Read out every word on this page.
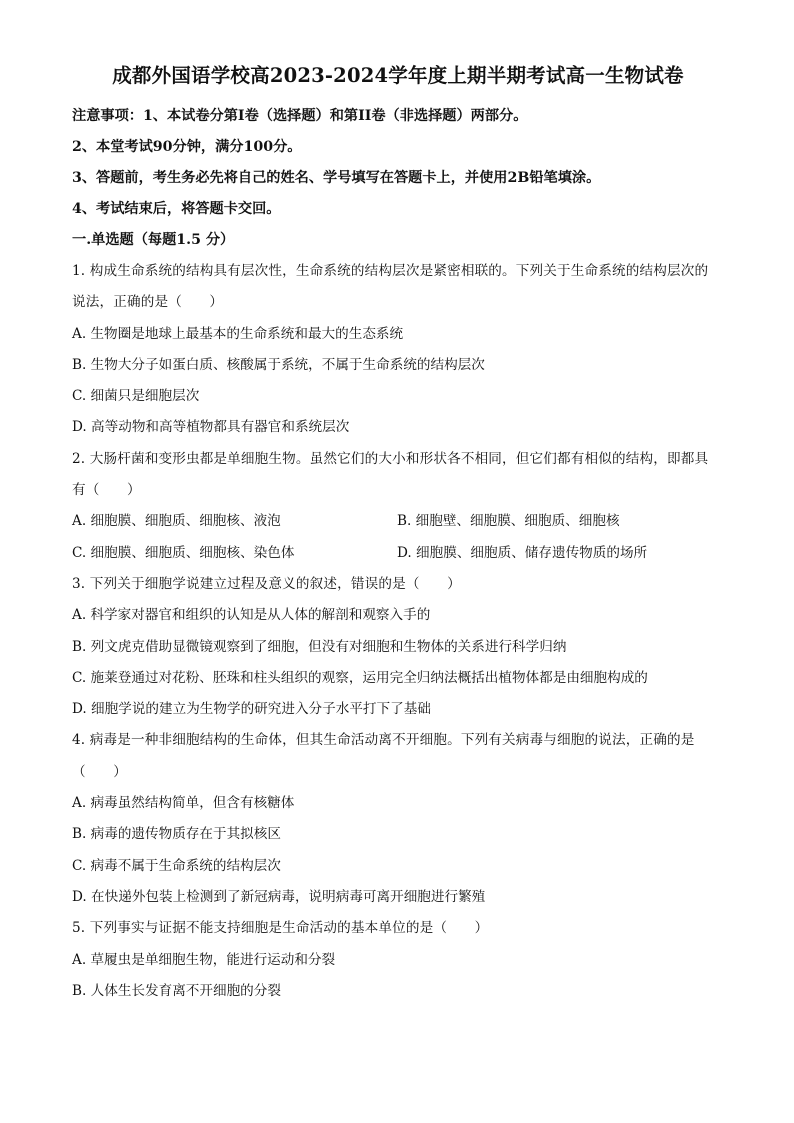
成都外国语学校高2023-2024学年度上期半期考试高一生物试卷
注意事项：1、本试卷分第I卷（选择题）和第II卷（非选择题）两部分。
2、本堂考试90分钟，满分100分。
3、答题前，考生务必先将自己的姓名、学号填写在答题卡上，并使用2B铅笔填涂。
4、考试结束后，将答题卡交回。
一.单选题（每题1.5 分）
1. 构成生命系统的结构具有层次性，生命系统的结构层次是紧密相联的。下列关于生命系统的结构层次的
说法，正确的是（　　）
A. 生物圈是地球上最基本的生命系统和最大的生态系统
B. 生物大分子如蛋白质、核酸属于系统，不属于生命系统的结构层次
C. 细菌只是细胞层次
D. 高等动物和高等植物都具有器官和系统层次
2. 大肠杆菌和变形虫都是单细胞生物。虽然它们的大小和形状各不相同，但它们都有相似的结构，即都具
有（　　）
A. 细胞膜、细胞质、细胞核、液泡	B. 细胞壁、细胞膜、细胞质、细胞核
C. 细胞膜、细胞质、细胞核、染色体	D. 细胞膜、细胞质、储存遗传物质的场所
3. 下列关于细胞学说建立过程及意义的叙述，错误的是（　　）
A. 科学家对器官和组织的认知是从人体的解剖和观察入手的
B. 列文虎克借助显微镜观察到了细胞，但没有对细胞和生物体的关系进行科学归纳
C. 施莱登通过对花粉、胚珠和柱头组织的观察，运用完全归纳法概括出植物体都是由细胞构成的
D. 细胞学说的建立为生物学的研究进入分子水平打下了基础
4. 病毒是一种非细胞结构的生命体，但其生命活动离不开细胞。下列有关病毒与细胞的说法，正确的是
（　　）
A. 病毒虽然结构简单，但含有核糖体
B. 病毒的遗传物质存在于其拟核区
C. 病毒不属于生命系统的结构层次
D. 在快递外包装上检测到了新冠病毒，说明病毒可离开细胞进行繁殖
5. 下列事实与证据不能支持细胞是生命活动的基本单位的是（　　）
A. 草履虫是单细胞生物，能进行运动和分裂
B. 人体生长发育离不开细胞的分裂
